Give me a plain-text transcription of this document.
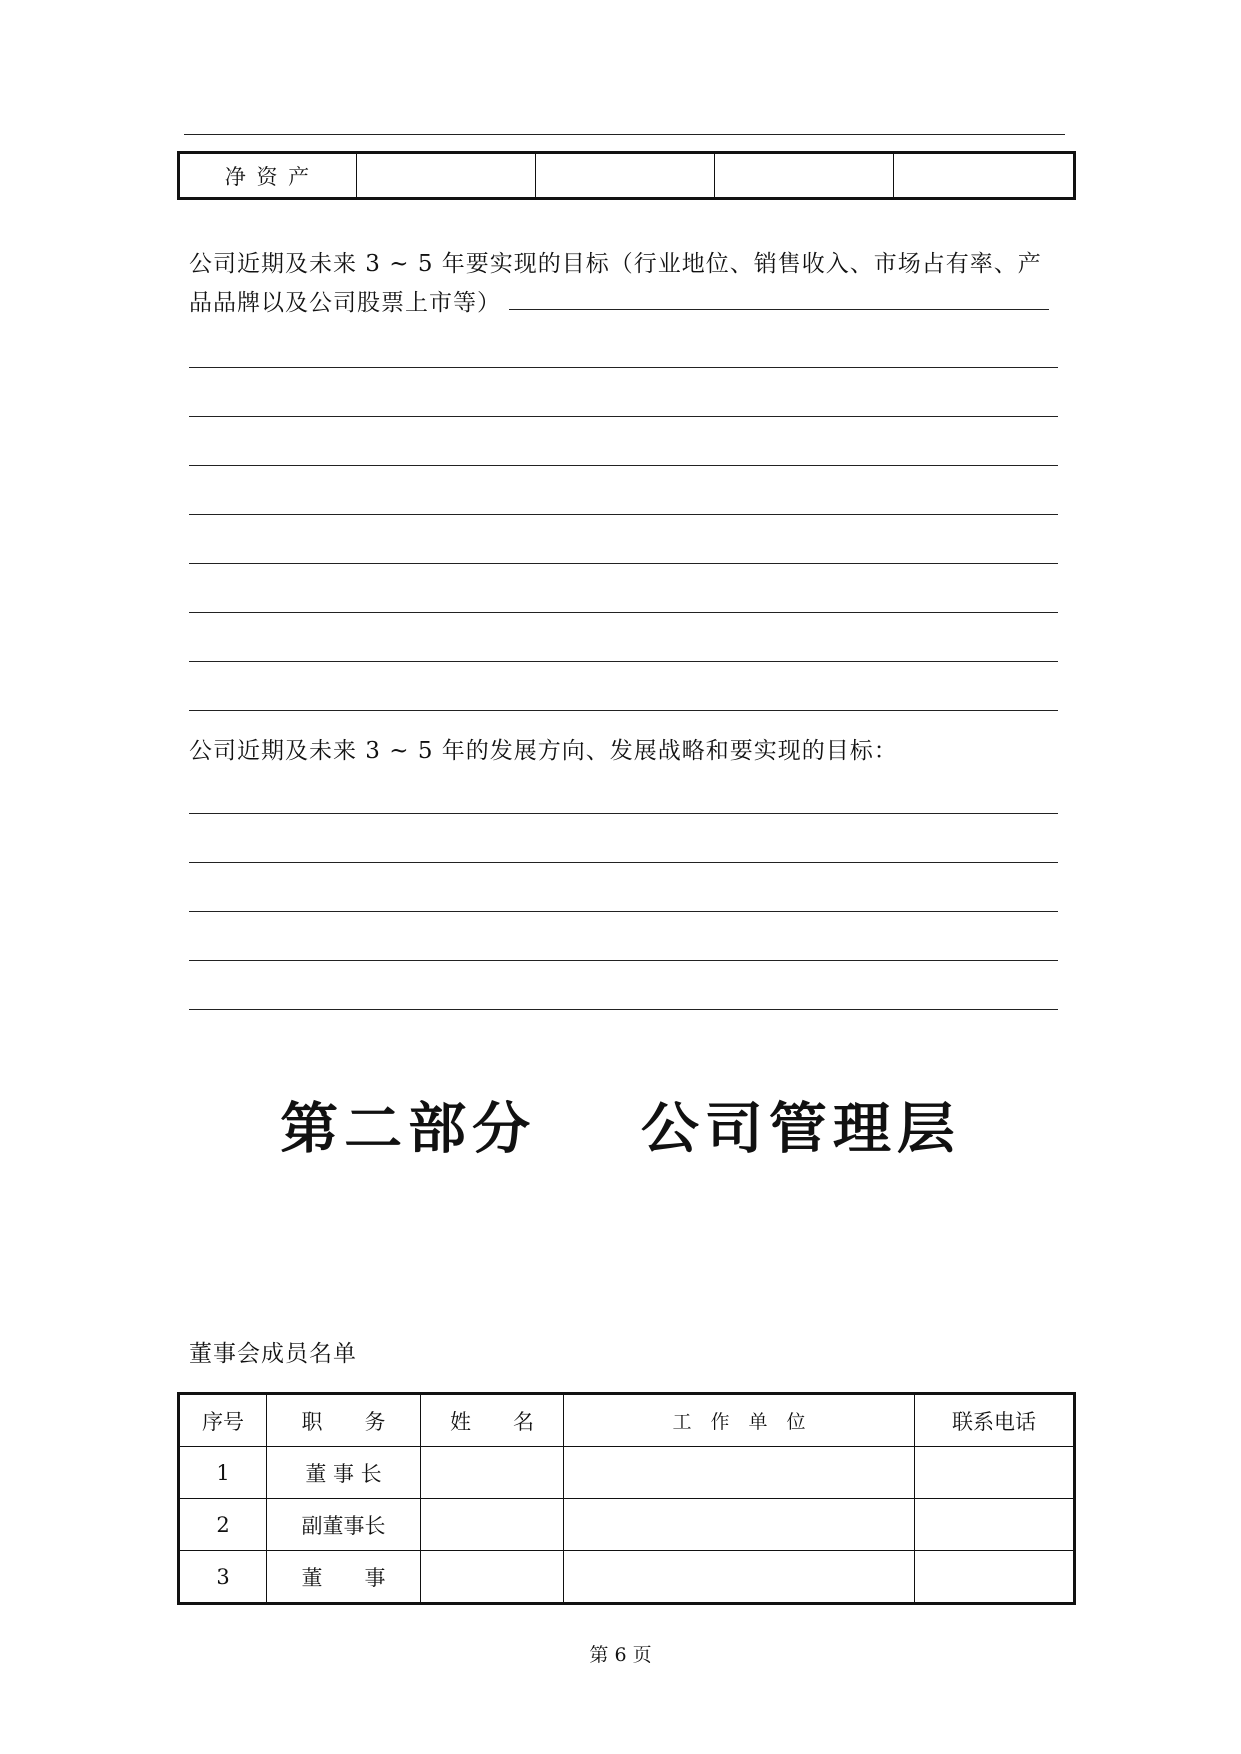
净 资 产				

公司近期及未来 3 ~ 5 年要实现的目标（行业地位、销售收入、市场占有率、产

品品牌以及公司股票上市等）

公司近期及未来 3 ~ 5 年的发展方向、发展战略和要实现的目标：

第二部分    公司管理层

董事会成员名单

序号	职　　务	姓　　名	工　作　单　位	联系电话
1	董 事 长			
2	副董事长			
3	董　　事			
第 6 页
